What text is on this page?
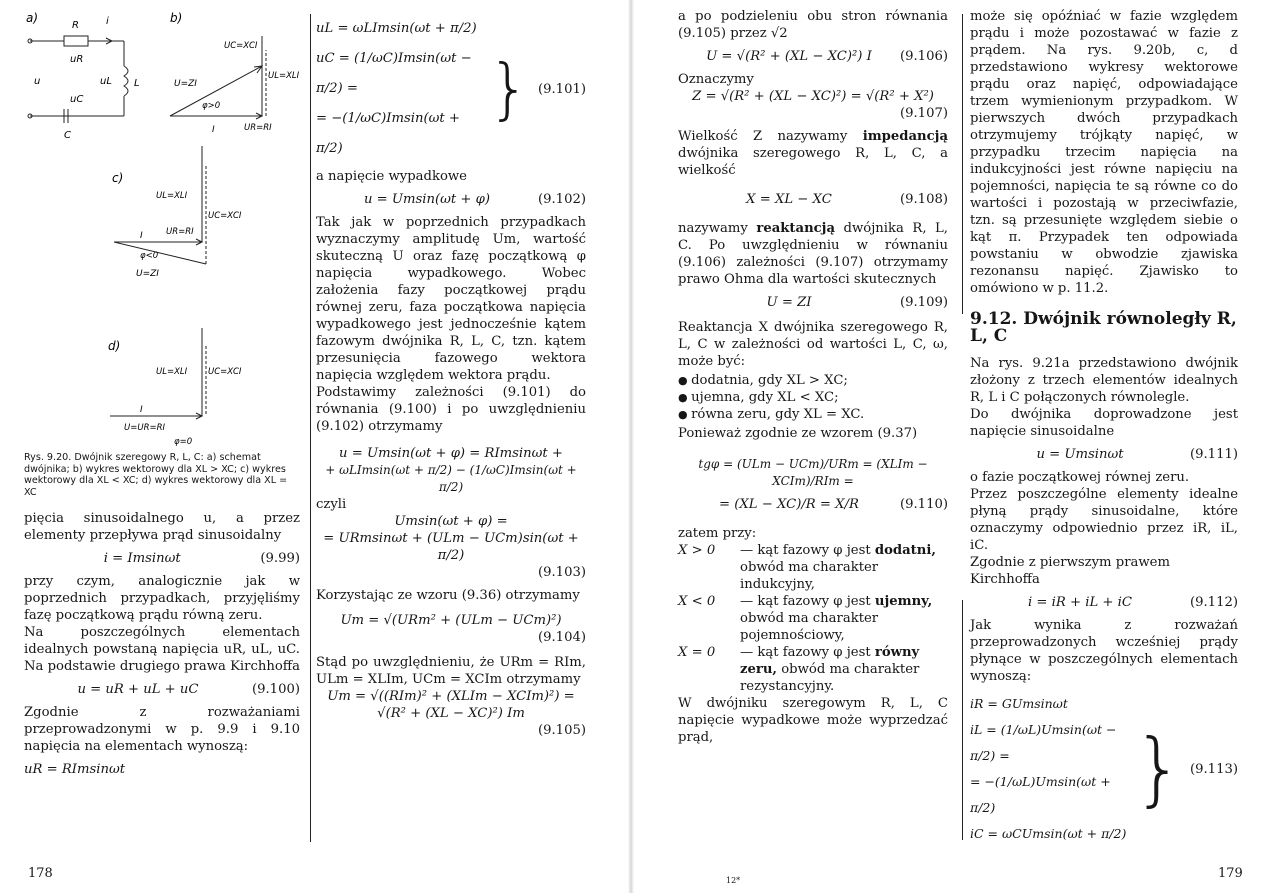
a)
R	i
uR
u	uL L
uC
C
b)
UC=XCI
UL=XLI
U=ZI
φ>0
I	UR=RI
c)
UL=XLI
UC=XCI
I	UR=RI
φ<0
U=ZI
d)
UL=XLI UC=XCI
I
U=UR=RI
φ=0

Rys. 9.20. Dwójnik szeregowy R, L, C: a) schemat dwójnika; b) wykres wektorowy dla XL > XC; c) wykres wektorowy dla XL < XC; d) wykres wektorowy dla XL = XC

pięcia sinusoidalnego u, a przez elementy przepływa prąd sinusoidalny

i = Imsinωt	(9.99)

przy czym, analogicznie jak w poprzednich przypadkach, przyjęliśmy fazę początkową prądu równą zeru.

Na poszczególnych elementach idealnych powstaną napięcia uR, uL, uC. Na podstawie drugiego prawa Kirchhoffa

u = uR + uL + uC	(9.100)

Zgodnie z rozważaniami przeprowadzonymi w p. 9.9 i 9.10 napięcia na elementach wynoszą:

uR = RImsinωt

uL = ωLImsin(ωt + π/2)
uC = (1/ωC)Imsin(ωt − π/2) =
= −(1/ωC)Imsin(ωt + π/2)
} (9.101)

a napięcie wypadkowe

u = Umsin(ωt + φ)	(9.102)

Tak jak w poprzednich przypadkach wyznaczymy amplitudę Um, wartość skuteczną U oraz fazę początkową φ napięcia wypadkowego. Wobec założenia fazy początkowej prądu równej zeru, faza początkowa napięcia wypadkowego jest jednocześnie kątem fazowym dwójnika R, L, C, tzn. kątem przesunięcia fazowego wektora napięcia względem wektora prądu.

Podstawimy zależności (9.101) do równania (9.100) i po uwzględnieniu (9.102) otrzymamy

u = Umsin(ωt + φ) = RImsinωt +

+ ωLImsin(ωt + π/2) − (1/ωC)Imsin(ωt + π/2)

czyli

Umsin(ωt + φ) =

= URmsinωt + (ULm − UCm)sin(ωt + π/2)

(9.103)

Korzystając ze wzoru (9.36) otrzymamy

Um = √(URm² + (ULm − UCm)²)

(9.104)

Stąd po uwzględnieniu, że URm = RIm, ULm = XLIm, UCm = XCIm otrzymamy

Um = √((RIm)² + (XLIm − XCIm)²) =

√(R² + (XL − XC)²) Im

(9.105)

178

a po podzieleniu obu stron równania (9.105) przez √2

U = √(R² + (XL − XC)²) I	(9.106)

Oznaczymy

Z = √(R² + (XL − XC)²) = √(R² + X²)

(9.107)

Wielkość Z nazywamy impedancją dwójnika szeregowego R, L, C, a wielkość

X = XL − XC	(9.108)

nazywamy reaktancją dwójnika R, L, C. Po uwzględnieniu w równaniu (9.106) zależności (9.107) otrzymamy prawo Ohma dla wartości skutecznych

U = ZI	(9.109)

Reaktancja X dwójnika szeregowego R, L, C w zależności od wartości L, C, ω, może być:

● dodatnia, gdy XL > XC;
● ujemna, gdy XL < XC;
● równa zeru, gdy XL = XC.

Ponieważ zgodnie ze wzorem (9.37)

tgφ = (ULm − UCm)/URm = (XLIm − XCIm)/RIm =

= (XL − XC)/R = X/R	(9.110)

zatem przy:

X > 0	— kąt fazowy φ jest dodatni, obwód ma charakter indukcyjny,
X < 0	— kąt fazowy φ jest ujemny, obwód ma charakter pojemnościowy,
X = 0	— kąt fazowy φ jest równy zeru, obwód ma charakter rezystancyjny.

W dwójniku szeregowym R, L, C napięcie wypadkowe może wyprzedzać prąd,

12*

może się opóźniać w fazie względem prądu i może pozostawać w fazie z prądem. Na rys. 9.20b, c, d przedstawiono wykresy wektorowe prądu oraz napięć, odpowiadające trzem wymienionym przypadkom. W pierwszych dwóch przypadkach otrzymujemy trójkąty napięć, w przypadku trzecim napięcia na indukcyjności jest równe napięciu na pojemności, napięcia te są równe co do wartości i pozostają w przeciwfazie, tzn. są przesunięte względem siebie o kąt π. Przypadek ten odpowiada powstaniu w obwodzie zjawiska rezonansu napięć. Zjawisko to omówiono w p. 11.2.

9.12. Dwójnik równoległy R, L, C

Na rys. 9.21a przedstawiono dwójnik złożony z trzech elementów idealnych R, L i C połączonych równolegle.

Do dwójnika doprowadzone jest napięcie sinusoidalne

u = Umsinωt	(9.111)

o fazie początkowej równej zeru.

Przez poszczególne elementy idealne płyną prądy sinusoidalne, które oznaczymy odpowiednio przez iR, iL, iC.

Zgodnie z pierwszym prawem Kirchhoffa

i = iR + iL + iC	(9.112)

Jak wynika z rozważań przeprowadzonych wcześniej prądy płynące w poszczególnych elementach wynoszą:

iR = GUmsinωt
iL = (1/ωL)Umsin(ωt − π/2) =
= −(1/ωL)Umsin(ωt + π/2)
iC = ωCUmsin(ωt + π/2)
} (9.113)
179
